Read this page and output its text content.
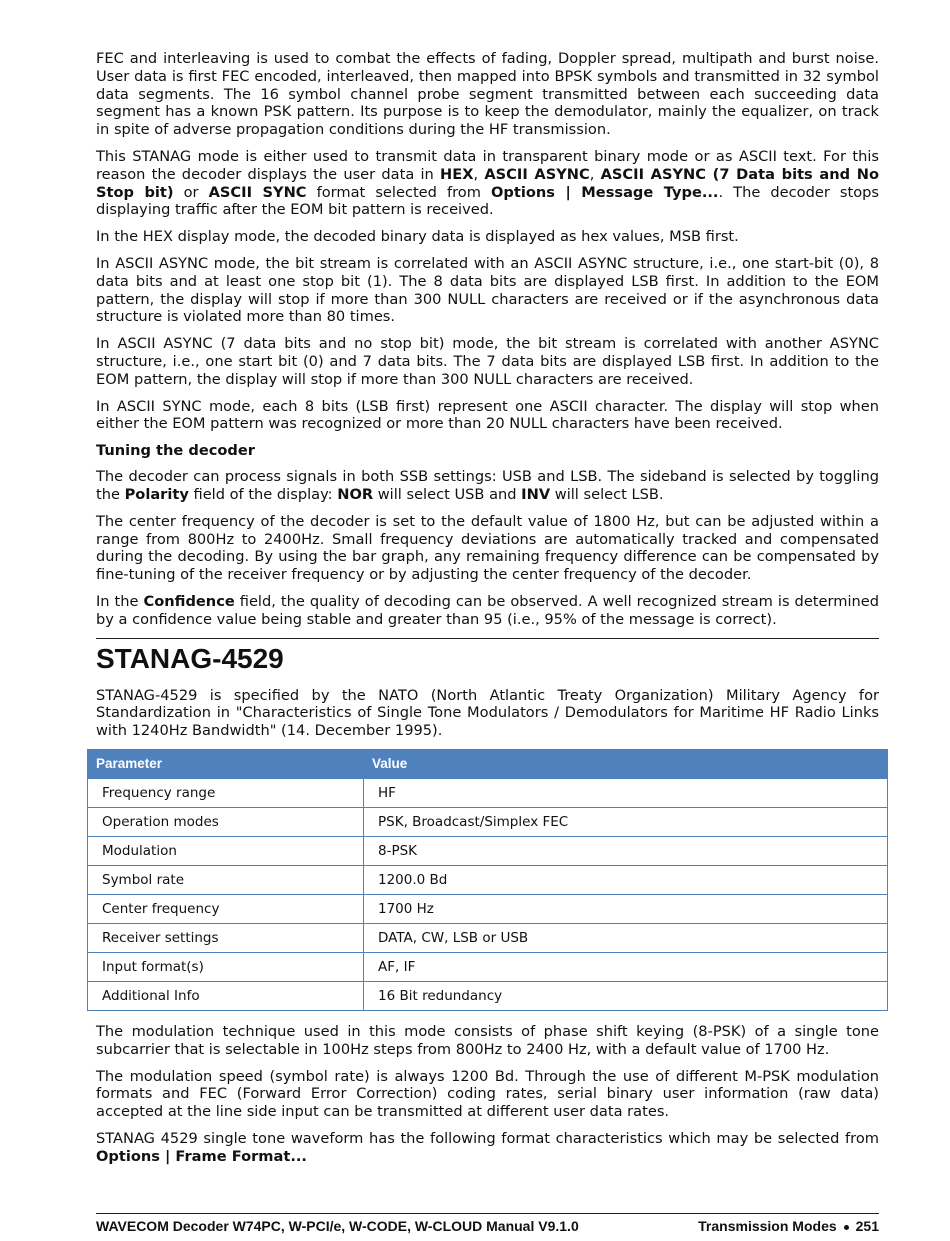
FEC and interleaving is used to combat the effects of fading, Doppler spread, multipath and burst noise. User data is first FEC encoded, interleaved, then mapped into BPSK symbols and transmitted in 32 symbol data segments. The 16 symbol channel probe segment transmitted between each succeeding data segment has a known PSK pattern. Its purpose is to keep the demodulator, mainly the equalizer, on track in spite of adverse propagation conditions during the HF transmission.

This STANAG mode is either used to transmit data in transparent binary mode or as ASCII text. For this reason the decoder displays the user data in HEX, ASCII ASYNC, ASCII ASYNC (7 Data bits and No Stop bit) or ASCII SYNC format selected from Options | Message Type.... The decoder stops displaying traffic after the EOM bit pattern is received.

In the HEX display mode, the decoded binary data is displayed as hex values, MSB first.

In ASCII ASYNC mode, the bit stream is correlated with an ASCII ASYNC structure, i.e., one start-bit (0), 8 data bits and at least one stop bit (1). The 8 data bits are displayed LSB first. In addition to the EOM pattern, the display will stop if more than 300 NULL characters are received or if the asynchronous data structure is violated more than 80 times.

In ASCII ASYNC (7 data bits and no stop bit) mode, the bit stream is correlated with another ASYNC structure, i.e., one start bit (0) and 7 data bits. The 7 data bits are displayed LSB first. In addition to the EOM pattern, the display will stop if more than 300 NULL characters are received.

In ASCII SYNC mode, each 8 bits (LSB first) represent one ASCII character. The display will stop when either the EOM pattern was recognized or more than 20 NULL characters have been received.

Tuning the decoder

The decoder can process signals in both SSB settings: USB and LSB. The sideband is selected by toggling the Polarity field of the display: NOR will select USB and INV will select LSB.

The center frequency of the decoder is set to the default value of 1800 Hz, but can be adjusted within a range from 800Hz to 2400Hz. Small frequency deviations are automatically tracked and compensated during the decoding. By using the bar graph, any remaining frequency difference can be compensated by fine-tuning of the receiver frequency or by adjusting the center frequency of the decoder.

In the Confidence field, the quality of decoding can be observed. A well recognized stream is determined by a confidence value being stable and greater than 95 (i.e., 95% of the message is correct).

STANAG-4529

STANAG-4529 is specified by the NATO (North Atlantic Treaty Organization) Military Agency for Standardization in "Characteristics of Single Tone Modulators / Demodulators for Maritime HF Radio Links with 1240Hz Bandwidth" (14. December 1995).

Parameter	Value
Frequency range	HF
Operation modes	PSK, Broadcast/Simplex FEC
Modulation	8-PSK
Symbol rate	1200.0 Bd
Center frequency	1700 Hz
Receiver settings	DATA, CW, LSB or USB
Input format(s)	AF, IF
Additional Info	16 Bit redundancy

The modulation technique used in this mode consists of phase shift keying (8-PSK) of a single tone subcarrier that is selectable in 100Hz steps from 800Hz to 2400 Hz, with a default value of 1700 Hz.

The modulation speed (symbol rate) is always 1200 Bd. Through the use of different M-PSK modulation formats and FEC (Forward Error Correction) coding rates, serial binary user information (raw data) accepted at the line side input can be transmitted at different user data rates.

STANAG 4529 single tone waveform has the following format characteristics which may be selected from Options | Frame Format...

WAVECOM Decoder W74PC, W-PCI/e, W-CODE, W-CLOUD Manual V9.1.0	Transmission Modes 251
